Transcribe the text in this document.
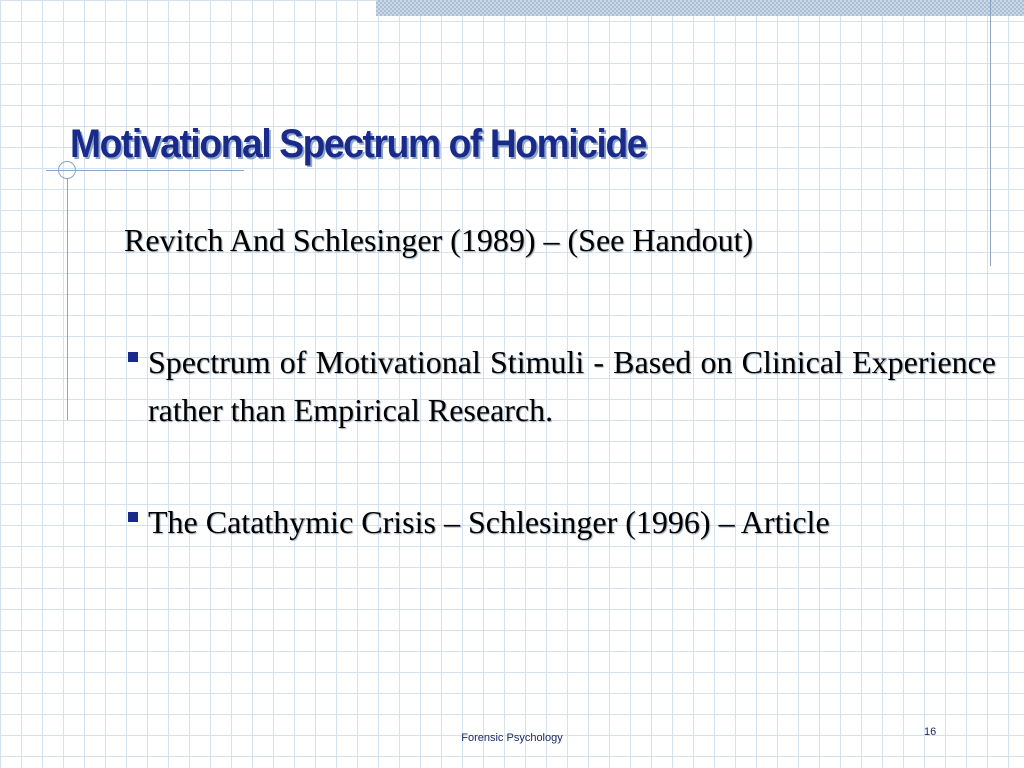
Motivational Spectrum of Homicide

Revitch And Schlesinger (1989) – (See Handout)

Spectrum of Motivational Stimuli - Based on Clinical Experience rather than Empirical Research.
The Catathymic Crisis – Schlesinger (1996) – Article
Forensic Psychology	16
